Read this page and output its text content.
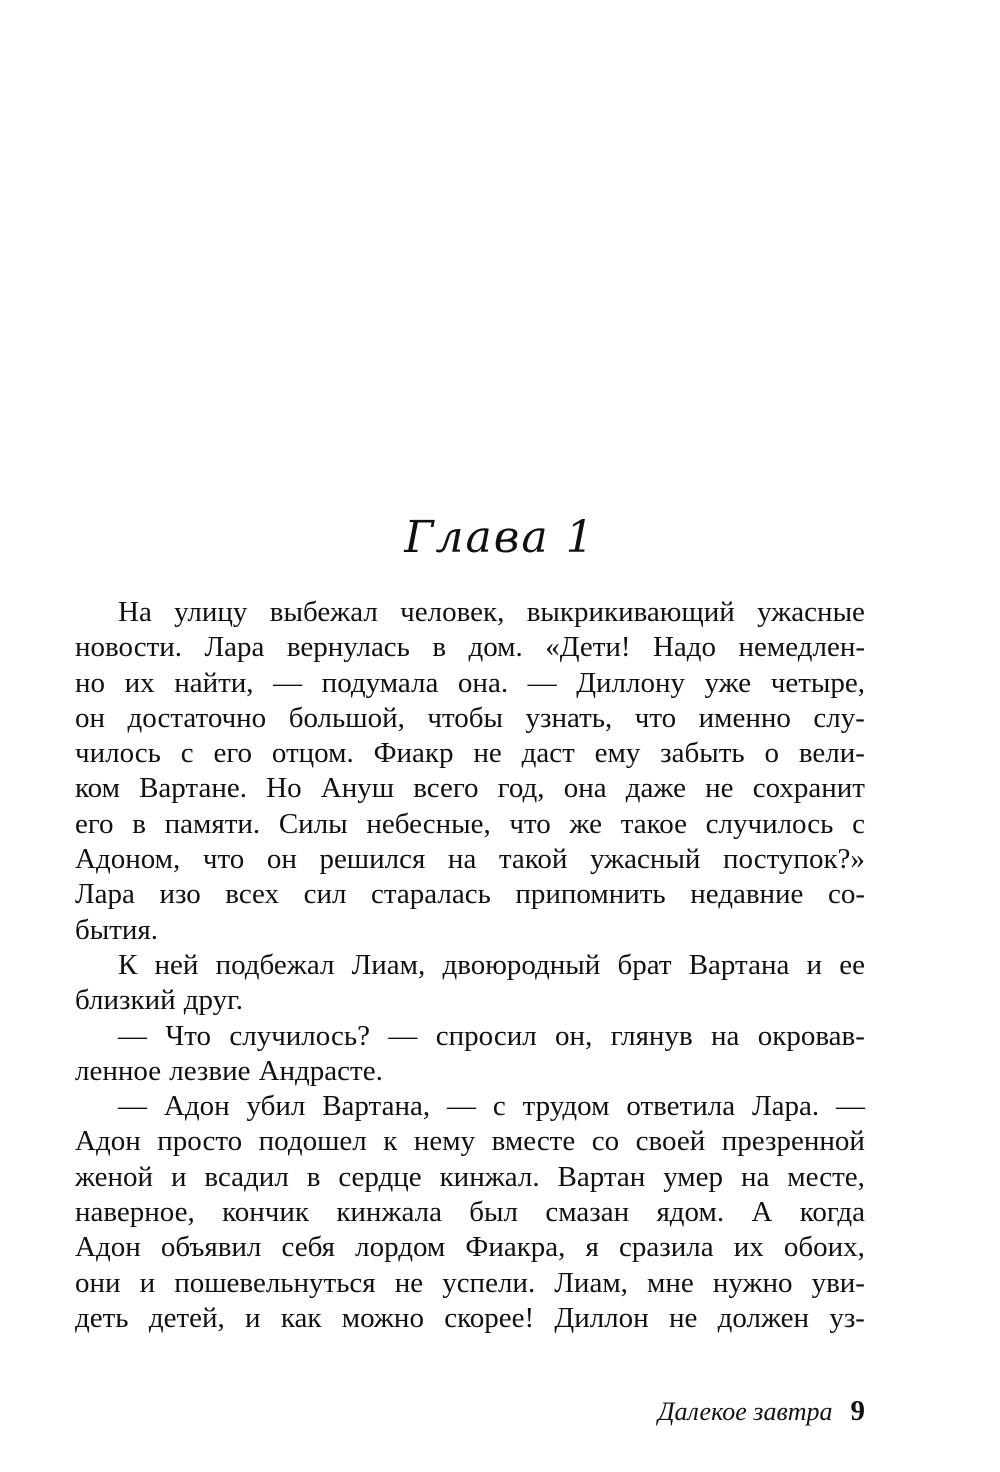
Глава 1
На улицу выбежал человек, выкрикивающий ужасные
новости. Лара вернулась в дом. «Дети! Надо немедлен-
но их найти, — подумала она. — Диллону уже четыре,
он достаточно большой, чтобы узнать, что именно слу-
чилось с его отцом. Фиакр не даст ему забыть о вели-
ком Вартане. Но Ануш всего год, она даже не сохранит
его в памяти. Силы небесные, что же такое случилось с
Адоном, что он решился на такой ужасный поступок?»
Лара изо всех сил старалась припомнить недавние со-
бытия.
К ней подбежал Лиам, двоюродный брат Вартана и ее
близкий друг.
— Что случилось? — спросил он, глянув на окровав-
ленное лезвие Андрасте.
— Адон убил Вартана, — с трудом ответила Лара. —
Адон просто подошел к нему вместе со своей презренной
женой и всадил в сердце кинжал. Вартан умер на месте,
наверное, кончик кинжала был смазан ядом. А когда
Адон объявил себя лордом Фиакра, я сразила их обоих,
они и пошевельнуться не успели. Лиам, мне нужно уви-
деть детей, и как можно скорее! Диллон не должен уз-
Далекое завтра 9
